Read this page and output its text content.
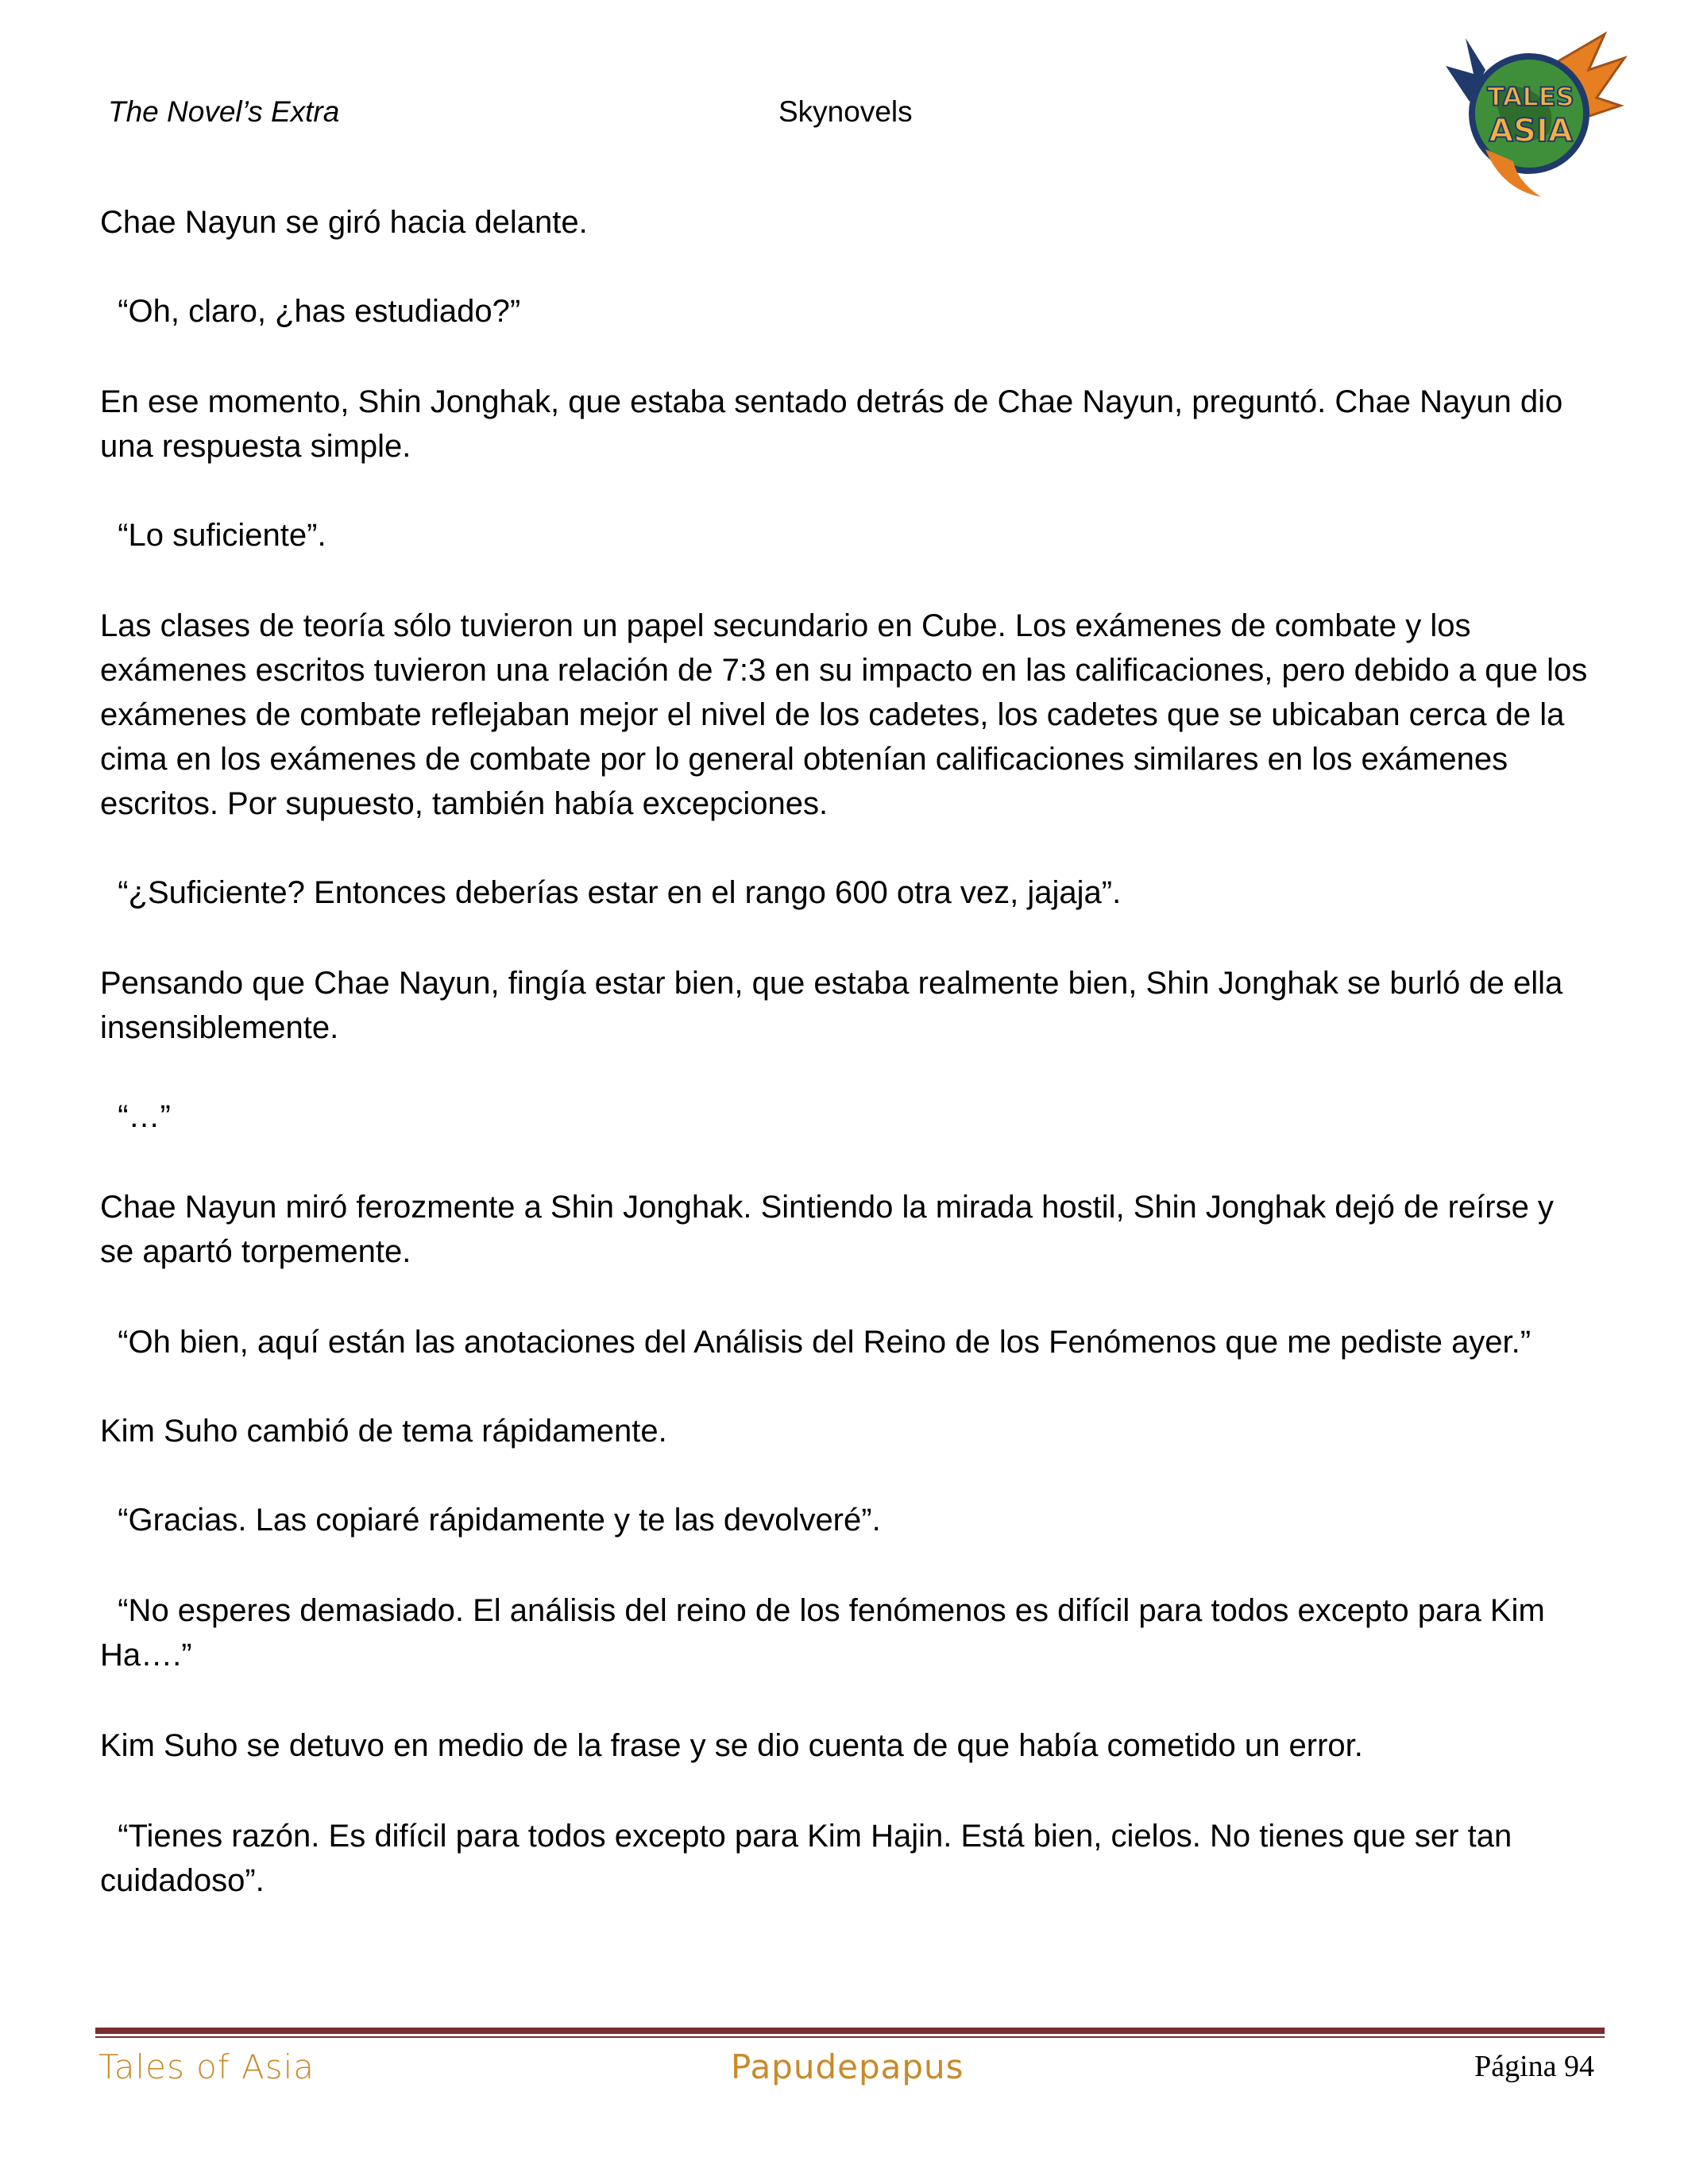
The Novel’s Extra	Skynovels	TALES
ASIA

Chae Nayun se giró hacia delante.

“Oh, claro, ¿has estudiado?”

En ese momento, Shin Jonghak, que estaba sentado detrás de Chae Nayun, preguntó. Chae Nayun dio una respuesta simple.

“Lo suficiente”.

Las clases de teoría sólo tuvieron un papel secundario en Cube. Los exámenes de combate y los exámenes escritos tuvieron una relación de 7:3 en su impacto en las calificaciones, pero debido a que los exámenes de combate reflejaban mejor el nivel de los cadetes, los cadetes que se ubicaban cerca de la cima en los exámenes de combate por lo general obtenían calificaciones similares en los exámenes escritos. Por supuesto, también había excepciones.

“¿Suficiente? Entonces deberías estar en el rango 600 otra vez, jajaja”.

Pensando que Chae Nayun, fingía estar bien, que estaba realmente bien, Shin Jonghak se burló de ella insensiblemente.

“…”

Chae Nayun miró ferozmente a Shin Jonghak. Sintiendo la mirada hostil, Shin Jonghak dejó de reírse y se apartó torpemente.

“Oh bien, aquí están las anotaciones del Análisis del Reino de los Fenómenos que me pediste ayer.”

Kim Suho cambió de tema rápidamente.

“Gracias. Las copiaré rápidamente y te las devolveré”.

“No esperes demasiado. El análisis del reino de los fenómenos es difícil para todos excepto para Kim Ha….”

Kim Suho se detuvo en medio de la frase y se dio cuenta de que había cometido un error.

“Tienes razón. Es difícil para todos excepto para Kim Hajin. Está bien, cielos. No tienes que ser tan cuidadoso”.

Tales of Asia	Papudepapus	Página 94
